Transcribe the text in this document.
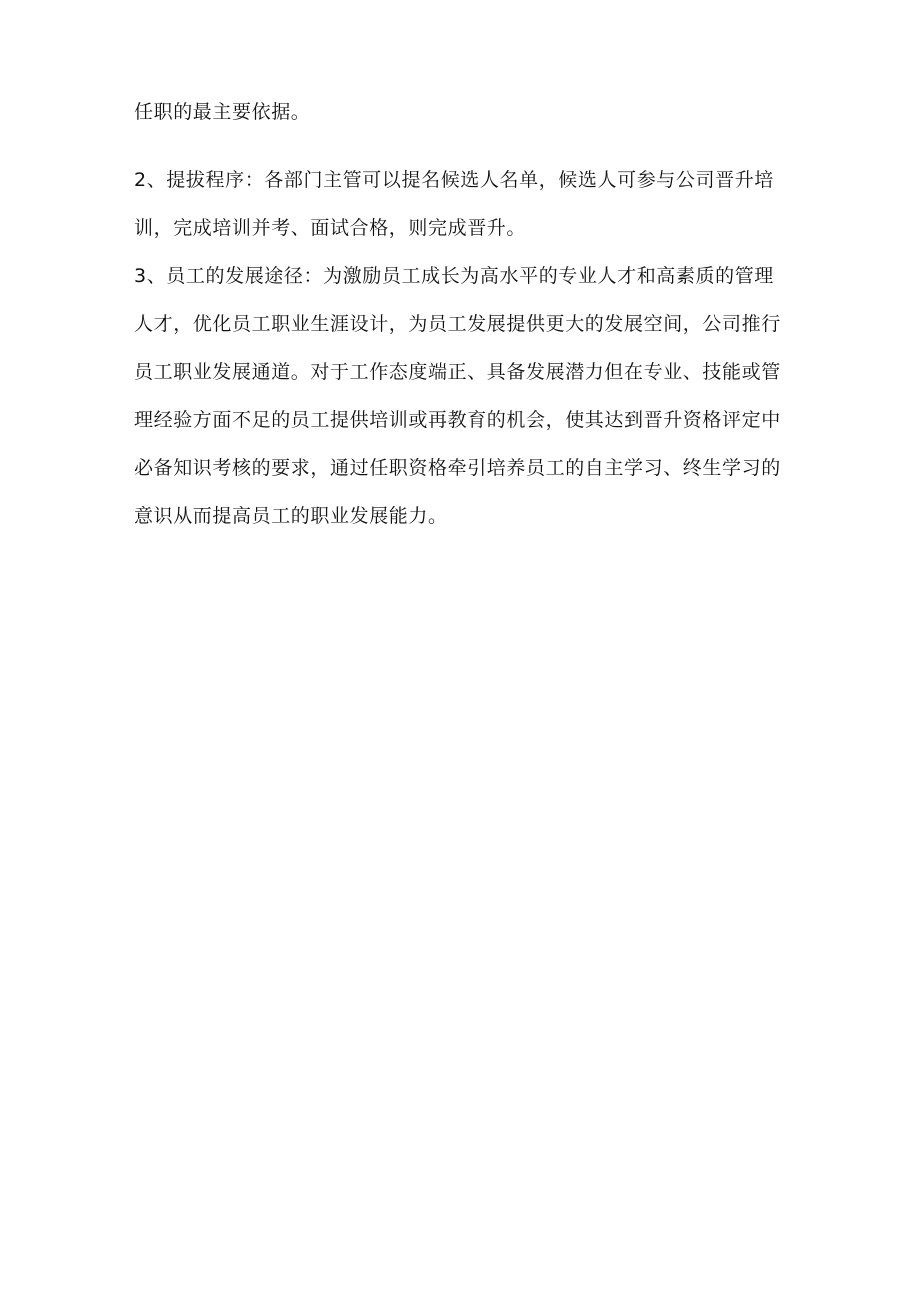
任职的最主要依据。
2、提拔程序：各部门主管可以提名候选人名单，候选人可参与公司晋升培
训，完成培训并考、面试合格，则完成晋升。
3、员工的发展途径：为激励员工成长为高水平的专业人才和高素质的管理
人才，优化员工职业生涯设计，为员工发展提供更大的发展空间，公司推行
员工职业发展通道。对于工作态度端正、具备发展潜力但在专业、技能或管
理经验方面不足的员工提供培训或再教育的机会，使其达到晋升资格评定中
必备知识考核的要求，通过任职资格牵引培养员工的自主学习、终生学习的
意识从而提高员工的职业发展能力。
